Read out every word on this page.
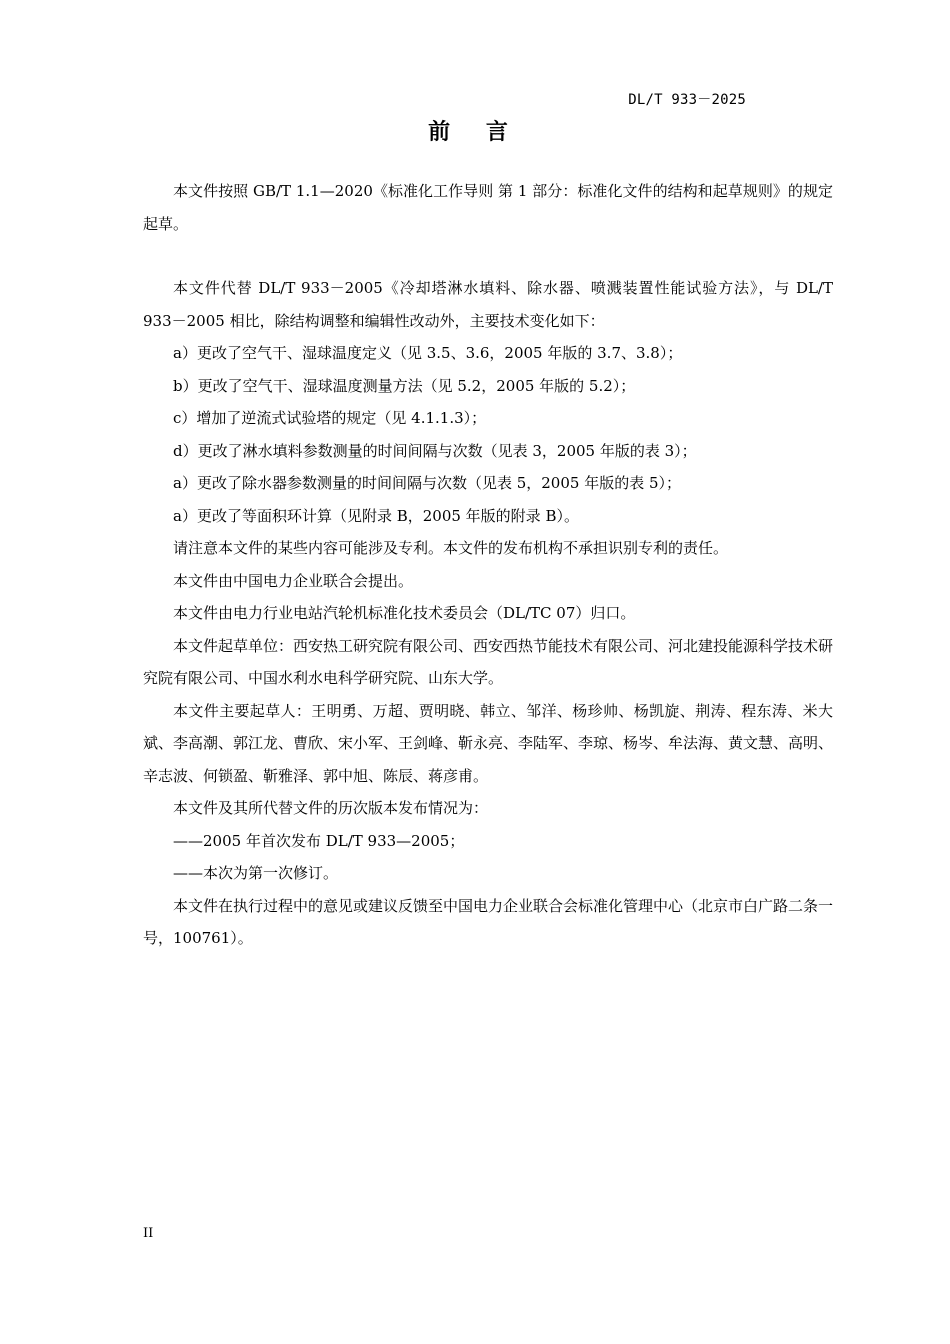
DL/T 933－2025
前 言

本文件按照 GB/T 1.1—2020《标准化工作导则 第 1 部分：标准化文件的结构和起草规则》的规定起草。

本文件代替 DL/T 933－2005《冷却塔淋水填料、除水器、喷溅装置性能试验方法》，与 DL/T 933－2005 相比，除结构调整和编辑性改动外，主要技术变化如下：

a）更改了空气干、湿球温度定义（见 3.5、3.6，2005 年版的 3.7、3.8）；

b）更改了空气干、湿球温度测量方法（见 5.2，2005 年版的 5.2）；

c）增加了逆流式试验塔的规定（见 4.1.1.3）；

d）更改了淋水填料参数测量的时间间隔与次数（见表 3，2005 年版的表 3）；

a）更改了除水器参数测量的时间间隔与次数（见表 5，2005 年版的表 5）；

a）更改了等面积环计算（见附录 B，2005 年版的附录 B）。

请注意本文件的某些内容可能涉及专利。本文件的发布机构不承担识别专利的责任。

本文件由中国电力企业联合会提出。

本文件由电力行业电站汽轮机标准化技术委员会（DL/TC 07）归口。

本文件起草单位：西安热工研究院有限公司、西安西热节能技术有限公司、河北建投能源科学技术研究院有限公司、中国水利水电科学研究院、山东大学。

本文件主要起草人：王明勇、万超、贾明晓、韩立、邹洋、杨珍帅、杨凯旋、荆涛、程东涛、米大斌、李高潮、郭江龙、曹欣、宋小军、王剑峰、靳永亮、李陆军、李琼、杨岑、牟法海、黄文慧、高明、辛志波、何锁盈、靳雅泽、郭中旭、陈辰、蒋彦甫。

本文件及其所代替文件的历次版本发布情况为：

——2005 年首次发布 DL/T 933—2005；

——本次为第一次修订。

本文件在执行过程中的意见或建议反馈至中国电力企业联合会标准化管理中心（北京市白广路二条一号，100761）。

II
